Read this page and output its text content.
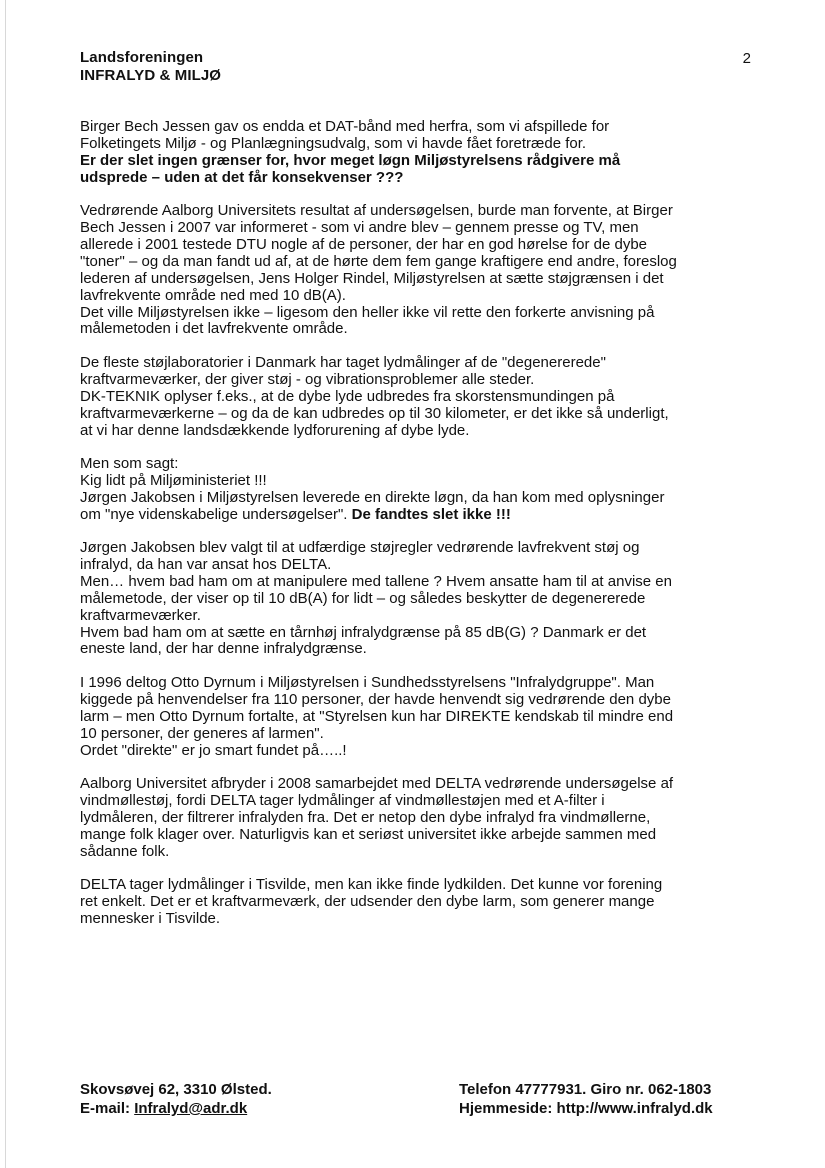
Landsforeningen
INFRALYD & MILJØ
2
Birger Bech Jessen gav os endda et DAT-bånd med herfra, som vi afspillede for
Folketingets Miljø - og Planlægningsudvalg, som vi havde fået foretræde for.
Er der slet ingen grænser for, hvor meget løgn Miljøstyrelsens rådgivere må
udsprede – uden at det får konsekvenser ???
Vedrørende Aalborg Universitets resultat af undersøgelsen, burde man forvente, at Birger
Bech Jessen i 2007 var informeret - som vi andre blev – gennem presse og TV, men
allerede i 2001 testede DTU nogle af de personer, der har en god hørelse for de dybe
"toner" – og da man fandt ud af, at de hørte dem fem gange kraftigere end andre, foreslog
lederen af undersøgelsen, Jens Holger Rindel, Miljøstyrelsen at sætte støjgrænsen i det
lavfrekvente område ned med 10 dB(A).
Det ville Miljøstyrelsen ikke – ligesom den heller ikke vil rette den forkerte anvisning på
målemetoden i det lavfrekvente område.
De fleste støjlaboratorier i Danmark har taget lydmålinger af de "degenererede"
kraftvarmeværker, der giver støj - og vibrationsproblemer alle steder.
DK-TEKNIK oplyser f.eks., at de dybe lyde udbredes fra skorstensmundingen på
kraftvarmeværkerne – og da de kan udbredes op til 30 kilometer, er det ikke så underligt,
at vi har denne landsdækkende lydforurening af dybe lyde.
Men som sagt:
Kig lidt på Miljøministeriet !!!
Jørgen Jakobsen i Miljøstyrelsen leverede en direkte løgn, da han kom med oplysninger
om "nye videnskabelige undersøgelser". De fandtes slet ikke !!!
Jørgen Jakobsen blev valgt til at udfærdige støjregler vedrørende lavfrekvent støj og
infralyd, da han var ansat hos DELTA.
Men… hvem bad ham om at manipulere med tallene ? Hvem ansatte ham til at anvise en
målemetode, der viser op til 10 dB(A) for lidt – og således beskytter de degenererede
kraftvarmeværker.
Hvem bad ham om at sætte en tårnhøj infralydgrænse på 85 dB(G) ? Danmark er det
eneste land, der har denne infralydgrænse.
I 1996 deltog Otto Dyrnum i Miljøstyrelsen i Sundhedsstyrelsens "Infralydgruppe". Man
kiggede på henvendelser fra 110 personer, der havde henvendt sig vedrørende den dybe
larm – men Otto Dyrnum fortalte, at "Styrelsen kun har DIREKTE kendskab til mindre end
10 personer, der generes af larmen".
Ordet "direkte" er jo smart fundet på…..!
Aalborg Universitet afbryder i 2008 samarbejdet med DELTA vedrørende undersøgelse af
vindmøllestøj, fordi DELTA tager lydmålinger af vindmøllestøjen med et A-filter i
lydmåleren, der filtrerer infralyden fra. Det er netop den dybe infralyd fra vindmøllerne,
mange folk klager over. Naturligvis kan et seriøst universitet ikke arbejde sammen med
sådanne folk.
DELTA tager lydmålinger i Tisvilde, men kan ikke finde lydkilden. Det kunne vor forening
ret enkelt. Det er et kraftvarmeværk, der udsender den dybe larm, som generer mange
mennesker i Tisvilde.
Skovsøvej 62, 3310 Ølsted.
E-mail: Infralyd@adr.dk
Telefon 47777931. Giro nr. 062-1803
Hjemmeside: http://www.infralyd.dk
